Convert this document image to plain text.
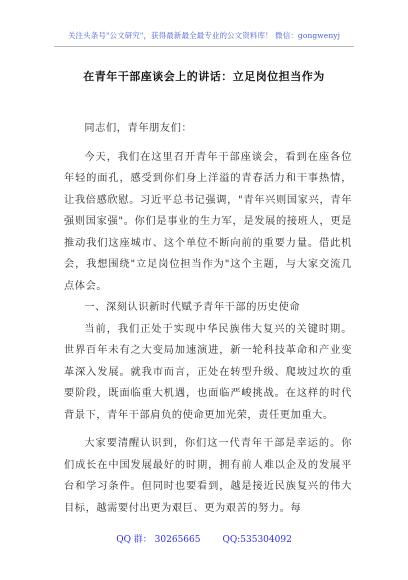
关注头条号"公文研究"，获得最新最全最专业的公文资料库！ 微信：gongwenyj
在青年干部座谈会上的讲话：立足岗位担当作为

同志们，青年朋友们：

今天，我们在这里召开青年干部座谈会，看到在座各位年轻的面孔，感受到你们身上洋溢的青春活力和干事热情，让我倍感欣慰。习近平总书记强调，"青年兴则国家兴，青年强则国家强"。你们是事业的生力军，是发展的接班人，更是推动我们这座城市、这个单位不断向前的重要力量。借此机会，我想围绕"立足岗位担当作为"这个主题，与大家交流几点体会。

一、深刻认识新时代赋予青年干部的历史使命

当前，我们正处于实现中华民族伟大复兴的关键时期。世界百年未有之大变局加速演进，新一轮科技革命和产业变革深入发展。就我市而言，正处在转型升级、爬坡过坎的重要阶段，既面临重大机遇，也面临严峻挑战。在这样的时代背景下，青年干部肩负的使命更加光荣，责任更加重大。

大家要清醒认识到，你们这一代青年干部是幸运的。你们成长在中国发展最好的时期，拥有前人难以企及的发展平台和学习条件。但同时也要看到，越是接近民族复兴的伟大目标，越需要付出更为艰巨、更为艰苦的努力。每

QQ 群： 30265665 QQ:535304092
